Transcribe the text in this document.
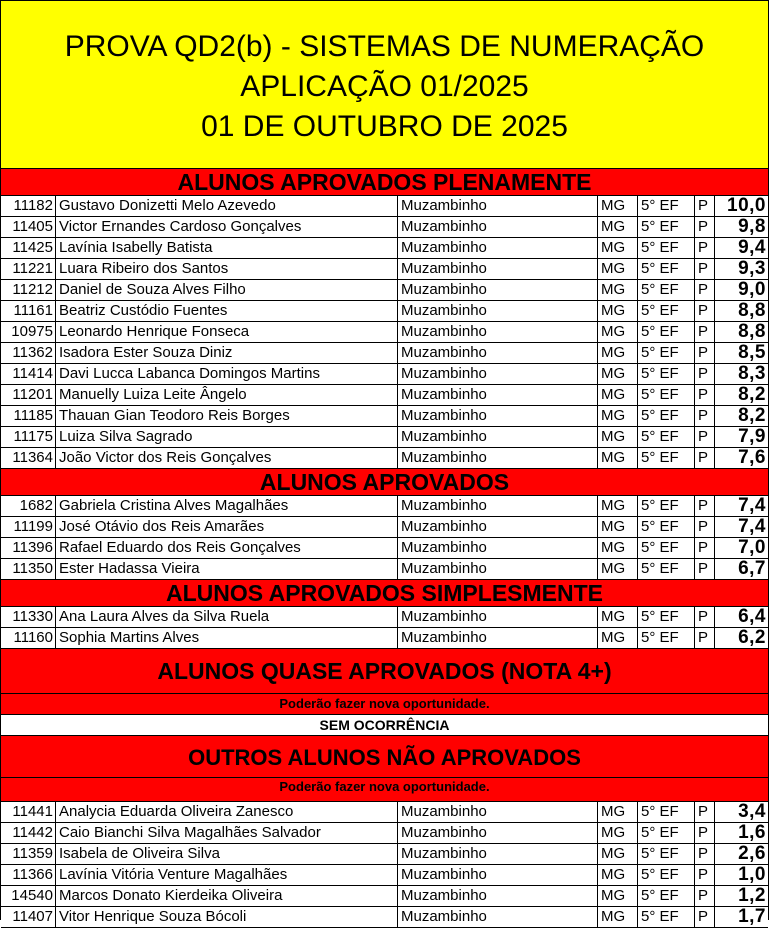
PROVA QD2(b) - SISTEMAS DE NUMERAÇÃO
APLICAÇÃO 01/2025
01 DE OUTUBRO DE 2025
ALUNOS APROVADOS PLENAMENTE
11182 Gustavo Donizetti Melo Azevedo	Muzambinho	MG	5° EF	P	10,0
11405 Victor Ernandes Cardoso Gonçalves	Muzambinho	MG	5° EF	P	9,8
11425 Lavínia Isabelly Batista	Muzambinho	MG	5° EF	P	9,4
11221 Luara Ribeiro dos Santos	Muzambinho	MG	5° EF	P	9,3
11212 Daniel de Souza Alves Filho	Muzambinho	MG	5° EF	P	9,0
11161 Beatriz Custódio Fuentes	Muzambinho	MG	5° EF	P	8,8
10975 Leonardo Henrique Fonseca	Muzambinho	MG	5° EF	P	8,8
11362 Isadora Ester Souza Diniz	Muzambinho	MG	5° EF	P	8,5
11414 Davi Lucca Labanca Domingos Martins	Muzambinho	MG	5° EF	P	8,3
11201 Manuelly Luiza Leite Ângelo	Muzambinho	MG	5° EF	P	8,2
11185 Thauan Gian Teodoro Reis Borges	Muzambinho	MG	5° EF	P	8,2
11175 Luiza Silva Sagrado	Muzambinho	MG	5° EF	P	7,9
11364 João Victor dos Reis Gonçalves	Muzambinho	MG	5° EF	P	7,6
ALUNOS APROVADOS
1682 Gabriela Cristina Alves Magalhães	Muzambinho	MG	5° EF	P	7,4
11199 José Otávio dos Reis Amarães	Muzambinho	MG	5° EF	P	7,4
11396 Rafael Eduardo dos Reis Gonçalves	Muzambinho	MG	5° EF	P	7,0
11350 Ester Hadassa Vieira	Muzambinho	MG	5° EF	P	6,7
ALUNOS APROVADOS SIMPLESMENTE
11330 Ana Laura Alves da Silva Ruela	Muzambinho	MG	5° EF	P	6,4
11160 Sophia Martins Alves	Muzambinho	MG	5° EF	P	6,2
ALUNOS QUASE APROVADOS (NOTA 4+)
Poderão fazer nova oportunidade.
SEM OCORRÊNCIA
OUTROS ALUNOS NÃO APROVADOS
Poderão fazer nova oportunidade.
11441 Analycia Eduarda Oliveira Zanesco	Muzambinho	MG	5° EF	P	3,4
11442 Caio Bianchi Silva Magalhães Salvador	Muzambinho	MG	5° EF	P	1,6
11359 Isabela de Oliveira Silva	Muzambinho	MG	5° EF	P	2,6
11366 Lavínia Vitória Venture Magalhães	Muzambinho	MG	5° EF	P	1,0
14540 Marcos Donato Kierdeika Oliveira	Muzambinho	MG	5° EF	P	1,2
11407 Vitor Henrique Souza Bócoli	Muzambinho	MG	5° EF	P	1,7
